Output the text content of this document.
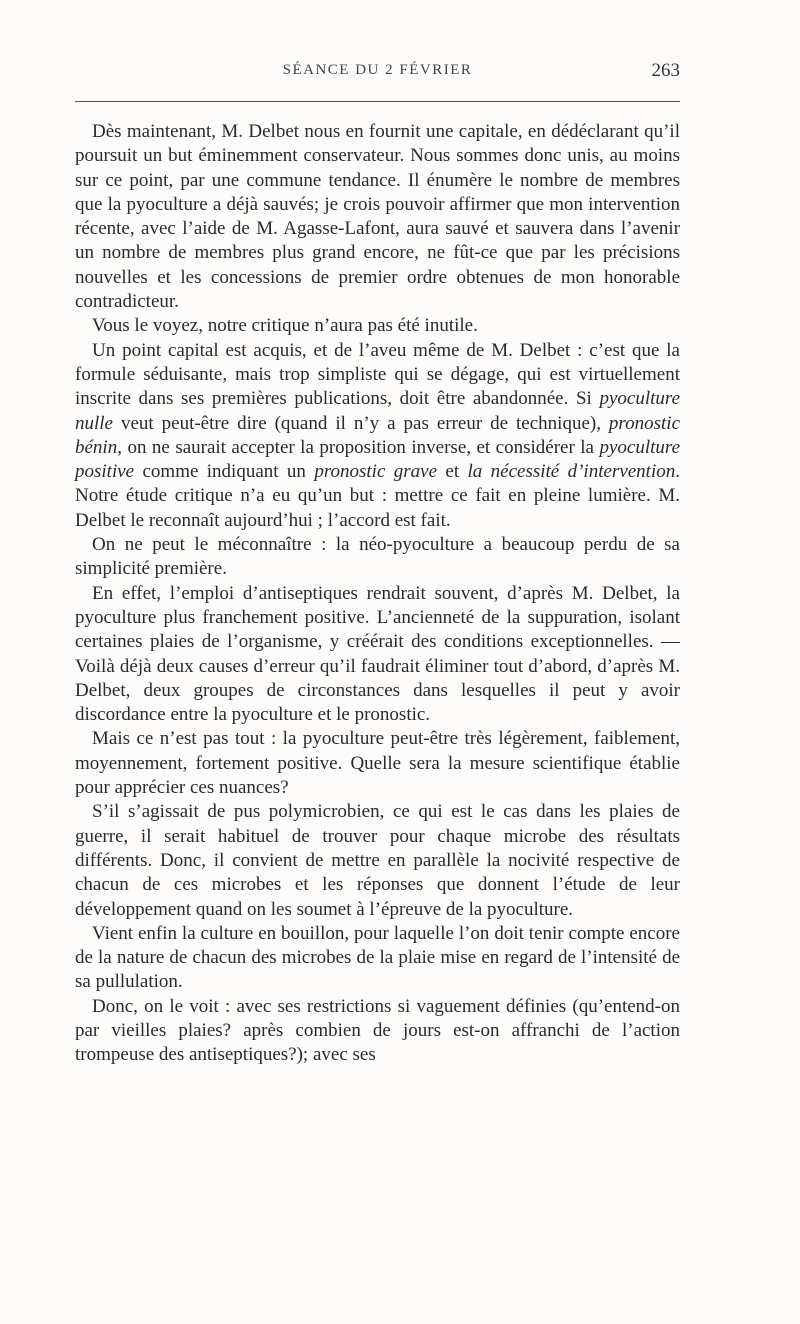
SÉANCE DU 2 FÉVRIER	263

Dès maintenant, M. Delbet nous en fournit une capitale, en dédéclarant qu’il poursuit un but éminemment conservateur. Nous sommes donc unis, au moins sur ce point, par une commune tendance. Il énumère le nombre de membres que la pyoculture a déjà sauvés; je crois pouvoir affirmer que mon intervention récente, avec l’aide de M. Agasse-Lafont, aura sauvé et sauvera dans l’avenir un nombre de membres plus grand encore, ne fût-ce que par les précisions nouvelles et les concessions de premier ordre obtenues de mon honorable contradicteur.

Vous le voyez, notre critique n’aura pas été inutile.

Un point capital est acquis, et de l’aveu même de M. Delbet : c’est que la formule séduisante, mais trop simpliste qui se dégage, qui est virtuellement inscrite dans ses premières publications, doit être abandonnée. Si pyoculture nulle veut peut-être dire (quand il n’y a pas erreur de technique), pronostic bénin, on ne saurait accepter la proposition inverse, et considérer la pyoculture positive comme indiquant un pronostic grave et la nécessité d’intervention. Notre étude critique n’a eu qu’un but : mettre ce fait en pleine lumière. M. Delbet le reconnaît aujourd’hui ; l’accord est fait.

On ne peut le méconnaître : la néo-pyoculture a beaucoup perdu de sa simplicité première.

En effet, l’emploi d’antiseptiques rendrait souvent, d’après M. Delbet, la pyoculture plus franchement positive. L’ancienneté de la suppuration, isolant certaines plaies de l’organisme, y créérait des conditions exceptionnelles. — Voilà déjà deux causes d’erreur qu’il faudrait éliminer tout d’abord, d’après M. Delbet, deux groupes de circonstances dans lesquelles il peut y avoir discordance entre la pyoculture et le pronostic.

Mais ce n’est pas tout : la pyoculture peut-être très légèrement, faiblement, moyennement, fortement positive. Quelle sera la mesure scientifique établie pour apprécier ces nuances?

S’il s’agissait de pus polymicrobien, ce qui est le cas dans les plaies de guerre, il serait habituel de trouver pour chaque microbe des résultats différents. Donc, il convient de mettre en parallèle la nocivité respective de chacun de ces microbes et les réponses que donnent l’étude de leur développement quand on les soumet à l’épreuve de la pyoculture.

Vient enfin la culture en bouillon, pour laquelle l’on doit tenir compte encore de la nature de chacun des microbes de la plaie mise en regard de l’intensité de sa pullulation.

Donc, on le voit : avec ses restrictions si vaguement définies (qu’entend-on par vieilles plaies? après combien de jours est-on affranchi de l’action trompeuse des antiseptiques?); avec ses
